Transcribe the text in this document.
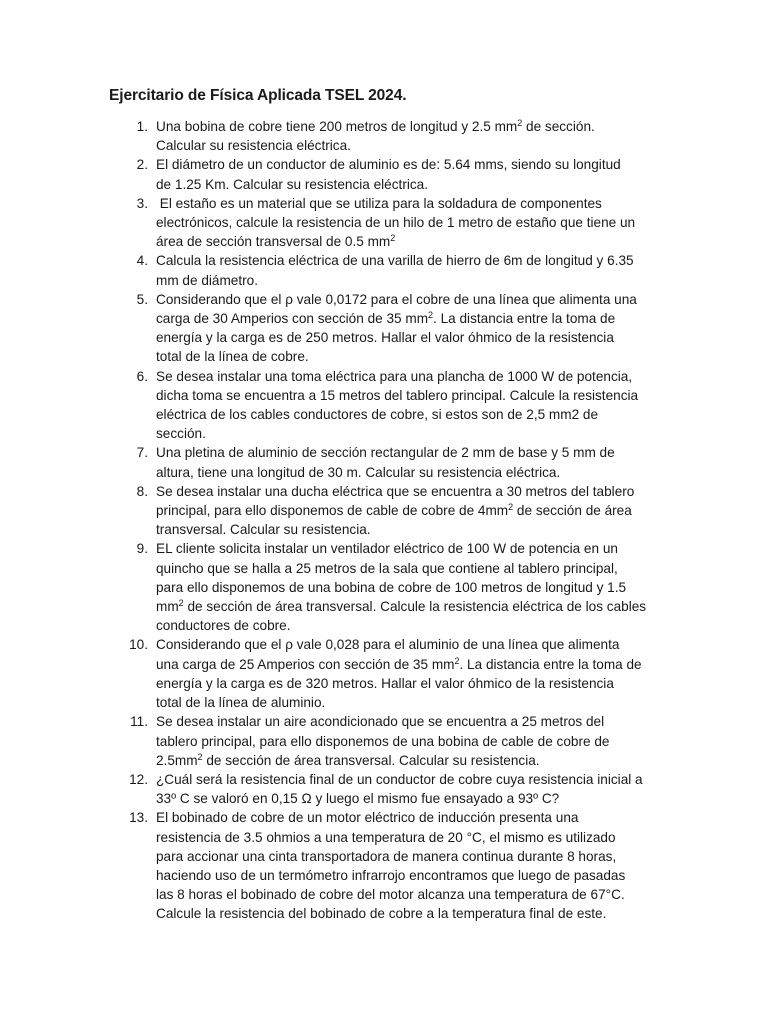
Ejercitario de Física Aplicada TSEL 2024.
1. Una bobina de cobre tiene 200 metros de longitud y 2.5 $mm^2$ de sección.
Calcular su resistencia eléctrica.
2. El diámetro de un conductor de aluminio es de: 5.64 mms, siendo su longitud
de 1.25 Km. Calcular su resistencia eléctrica.
3. El estaño es un material que se utiliza para la soldadura de componentes
electrónicos, calcule la resistencia de un hilo de 1 metro de estaño que tiene un
área de sección transversal de 0.5 $mm^2$
4. Calcula la resistencia eléctrica de una varilla de hierro de 6m de longitud y 6.35
mm de diámetro.
5. Considerando que el ρ vale 0,0172 para el cobre de una línea que alimenta una
carga de 30 Amperios con sección de 35 $mm^2$. La distancia entre la toma de
energía y la carga es de 250 metros. Hallar el valor óhmico de la resistencia
total de la línea de cobre.
6. Se desea instalar una toma eléctrica para una plancha de 1000 W de potencia,
dicha toma se encuentra a 15 metros del tablero principal. Calcule la resistencia
eléctrica de los cables conductores de cobre, si estos son de 2,5 mm2 de
sección.
7. Una pletina de aluminio de sección rectangular de 2 mm de base y 5 mm de
altura, tiene una longitud de 30 m. Calcular su resistencia eléctrica.
8. Se desea instalar una ducha eléctrica que se encuentra a 30 metros del tablero
principal, para ello disponemos de cable de cobre de $4mm^2$ de sección de área
transversal. Calcular su resistencia.
9. EL cliente solicita instalar un ventilador eléctrico de 100 W de potencia en un
quincho que se halla a 25 metros de la sala que contiene al tablero principal,
para ello disponemos de una bobina de cobre de 100 metros de longitud y 1.5
$mm^2$ de sección de área transversal. Calcule la resistencia eléctrica de los cables
conductores de cobre.
10. Considerando que el ρ vale 0,028 para el aluminio de una línea que alimenta
una carga de 25 Amperios con sección de 35 $mm^2$. La distancia entre la toma de
energía y la carga es de 320 metros. Hallar el valor óhmico de la resistencia
total de la línea de aluminio.
11. Se desea instalar un aire acondicionado que se encuentra a 25 metros del
tablero principal, para ello disponemos de una bobina de cable de cobre de
$2.5mm^2$ de sección de área transversal. Calcular su resistencia.
12. ¿Cuál será la resistencia final de un conductor de cobre cuya resistencia inicial a
33º C se valoró en 0,15 Ω y luego el mismo fue ensayado a 93º C?
13. El bobinado de cobre de un motor eléctrico de inducción presenta una
resistencia de 3.5 ohmios a una temperatura de 20 °C, el mismo es utilizado
para accionar una cinta transportadora de manera continua durante 8 horas,
haciendo uso de un termómetro infrarrojo encontramos que luego de pasadas
las 8 horas el bobinado de cobre del motor alcanza una temperatura de 67°C.
Calcule la resistencia del bobinado de cobre a la temperatura final de este.
